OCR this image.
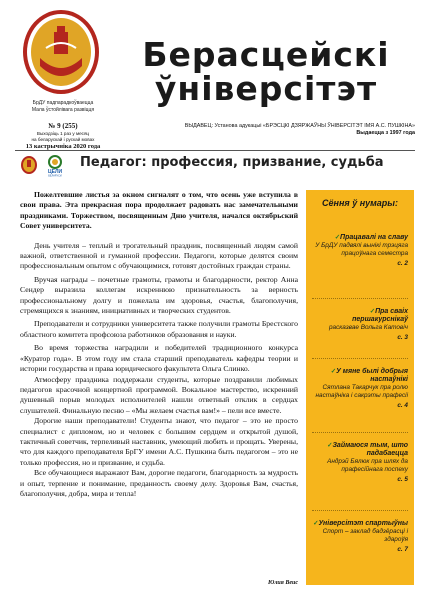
БрДУ падпарадкоўваецца
Мала ўстойлівага развіцця
№ 9 (255)
Выходзіць 1 раз у месяц
на беларускай і рускай мовах
13 кастрычніка 2020 года
Берасцейскі
ўніверсітэт
ВЫДАВЕЦ: Установа адукацыі «БРЭСЦКІ ДЗЯРЖАЎНЫ ЎНІВЕРСІТЭТ ІМЯ А.С. ПУШКІНА»
Выдаецца з 1997 года
ЦЕЛИ
БЕЛАРУСИ
Педагог: профессия, призвание, судьба

Пожелтевшие листья за окном сигналят о том, что осень уже вступила в свои права. Эта прекрасная пора продолжает радовать нас замечательными праздниками. Торжеством, посвященным Дню учителя, начался октябрьский Совет университета.

День учителя – теплый и трогательный праздник, посвященный людям самой важной, ответственной и гуманной профессии. Педагоги, которые делятся своим профессиональным опытом с обучающимися, готовят достойных граждан страны.

Вручая награды – почетные грамоты, грамоты и благодарности, ректор Анна Сендер выразила коллегам искреннюю признательность за верность профессиональному долгу и пожелала им здоровья, счастья, благополучия, стремящихся к знаниям, инициативных и творческих студентов.

Преподаватели и сотрудники университета также получили грамоты Брестского областного комитета профсоюза работников образования и науки.

Во время торжества наградили и победителей традиционного конкурса «Куратор года». В этом году им стала старший преподаватель кафедры теории и истории государства и права юридического факультета Ольга Слинко.

Атмосферу праздника поддержали студенты, которые поздравили любимых педагогов красочной концертной программой. Вокальное мастерство, искренний душевный порыв молодых исполнителей нашли ответный отклик в сердцах слушателей. Финальную песню – «Мы желаем счастья вам!» – пели все вместе.

Дорогие наши преподаватели! Студенты знают, что педагог – это не просто специалист с дипломом, но и человек с большим сердцем и открытой душой, тактичный советчик, терпеливый наставник, умеющий любить и прощать. Уверены, что для каждого преподавателя БрГУ имени А.С. Пушкина быть педагогом – это не только профессия, но и призвание, и судьба.

Все обучающиеся выражают Вам, дорогие педагоги, благодарность за мудрость и опыт, терпение и понимание, преданность своему делу. Здоровья Вам, счастья, благополучия, добра, мира и тепла!

Юлия Веис
Сёння ў нумары:
✓Працавалі на славу
У БрДУ падвялі вынікі трэцяга працоўнага семестра
с. 2
✓Пра сваіх першакурснікаў
расказвае Вольга Катовіч
с. 3
✓У мяне былі добрыя настаўнікі
Сятлана Такарчук пра ролю настаўніка і сакрэты прафесіі
с. 4
✓Займаюся тым, што падабаецца
Андрэй Бялюк пра шлях да прафесійнага поспеху
с. 5
✓Універсітэт спартыўны
Спорт – заклад бадзёрасці і здароўя
с. 7
